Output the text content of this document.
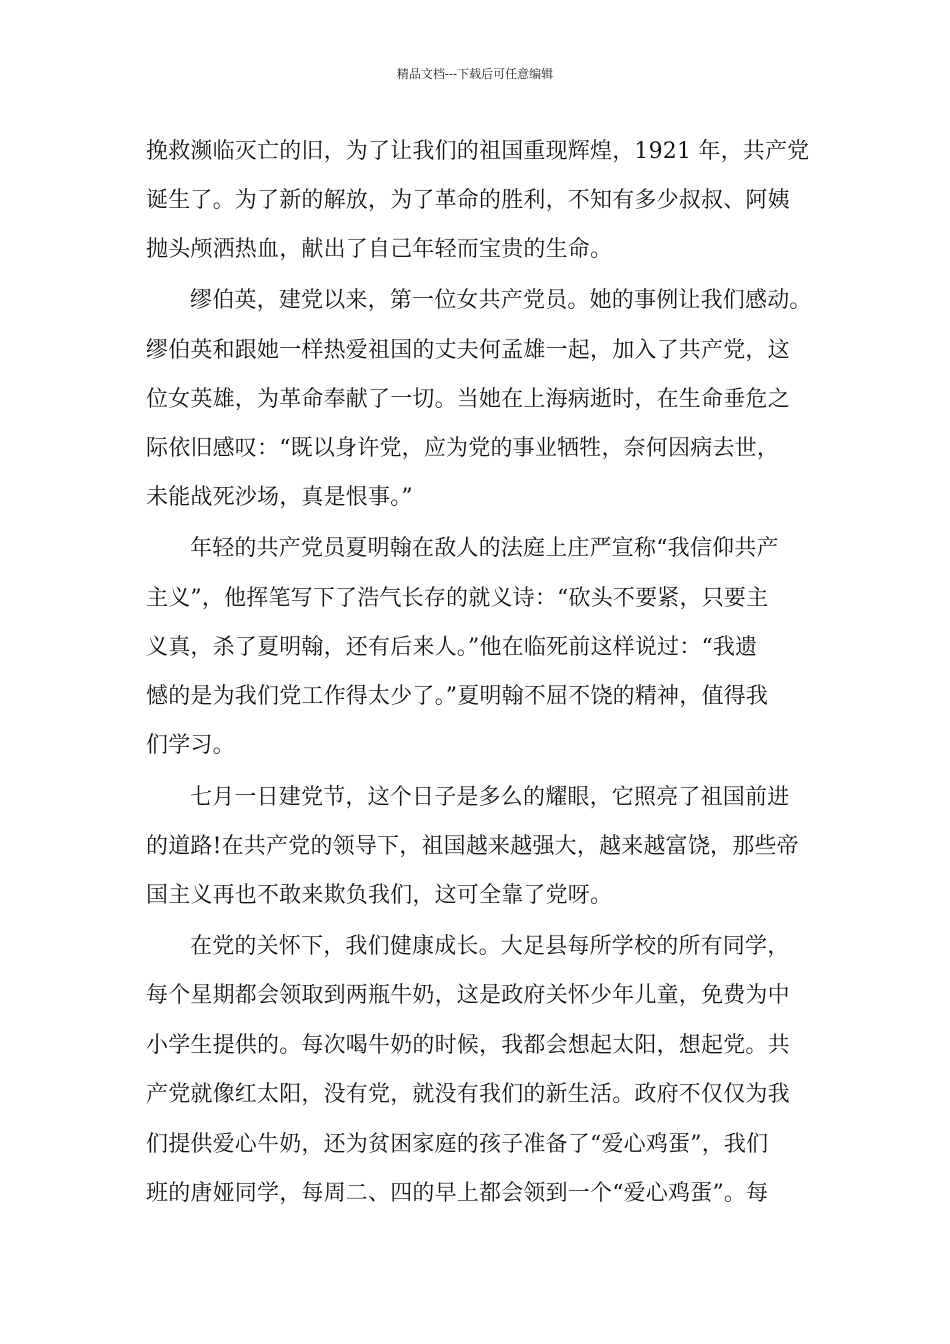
精品文档---下载后可任意编辑
挽救濒临灭亡的旧，为了让我们的祖国重现辉煌，1921 年，共产党
诞生了。为了新的解放，为了革命的胜利，不知有多少叔叔、阿姨
抛头颅洒热血，献出了自己年轻而宝贵的生命。
缪伯英，建党以来，第一位女共产党员。她的事例让我们感动。
缪伯英和跟她一样热爱祖国的丈夫何孟雄一起，加入了共产党，这
位女英雄，为革命奉献了一切。当她在上海病逝时，在生命垂危之
际依旧感叹：“既以身许党，应为党的事业牺牲，奈何因病去世，
未能战死沙场，真是恨事。”
年轻的共产党员夏明翰在敌人的法庭上庄严宣称“我信仰共产
主义”，他挥笔写下了浩气长存的就义诗：“砍头不要紧，只要主
义真，杀了夏明翰，还有后来人。”他在临死前这样说过：“我遗
憾的是为我们党工作得太少了。”夏明翰不屈不饶的精神，值得我
们学习。
七月一日建党节，这个日子是多么的耀眼，它照亮了祖国前进
的道路!在共产党的领导下，祖国越来越强大，越来越富饶，那些帝
国主义再也不敢来欺负我们，这可全靠了党呀。
在党的关怀下，我们健康成长。大足县每所学校的所有同学，
每个星期都会领取到两瓶牛奶，这是政府关怀少年儿童，免费为中
小学生提供的。每次喝牛奶的时候，我都会想起太阳，想起党。共
产党就像红太阳，没有党，就没有我们的新生活。政府不仅仅为我
们提供爱心牛奶，还为贫困家庭的孩子准备了“爱心鸡蛋”，我们
班的唐娅同学，每周二、四的早上都会领到一个“爱心鸡蛋”。每
